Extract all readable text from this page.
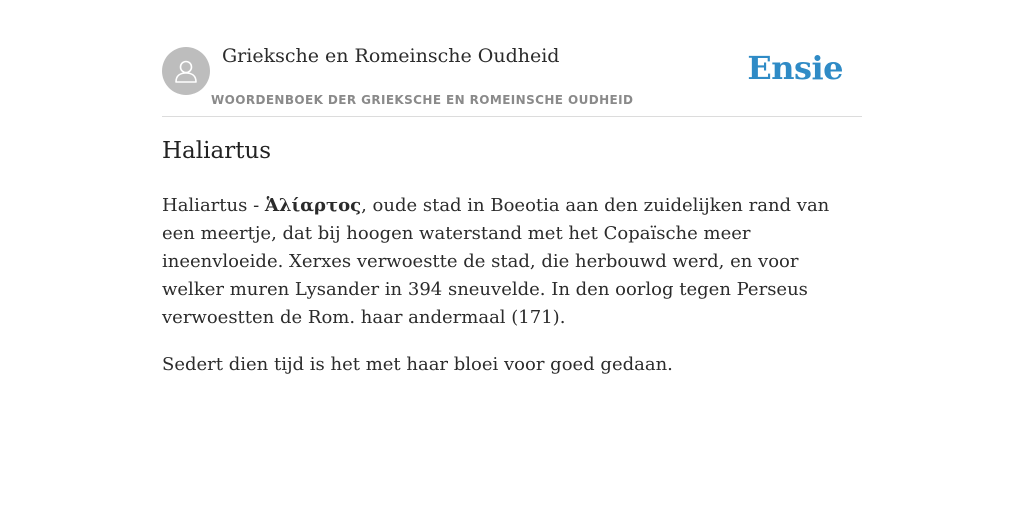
Grieksche en Romeinsche Oudheid
WOORDENBOEK DER GRIEKSCHE EN ROMEINSCHE OUDHEID
Ensie
Haliartus

Haliartus - Ἁλίαρτος, oude stad in Boeotia aan den zuidelijken rand van een meertje, dat bij hoogen waterstand met het Copaïsche meer ineenvloeide. Xerxes verwoestte de stad, die herbouwd werd, en voor welker muren Lysander in 394 sneuvelde. In den oorlog tegen Perseus verwoestten de Rom. haar andermaal (171).

Sedert dien tijd is het met haar bloei voor goed gedaan.
